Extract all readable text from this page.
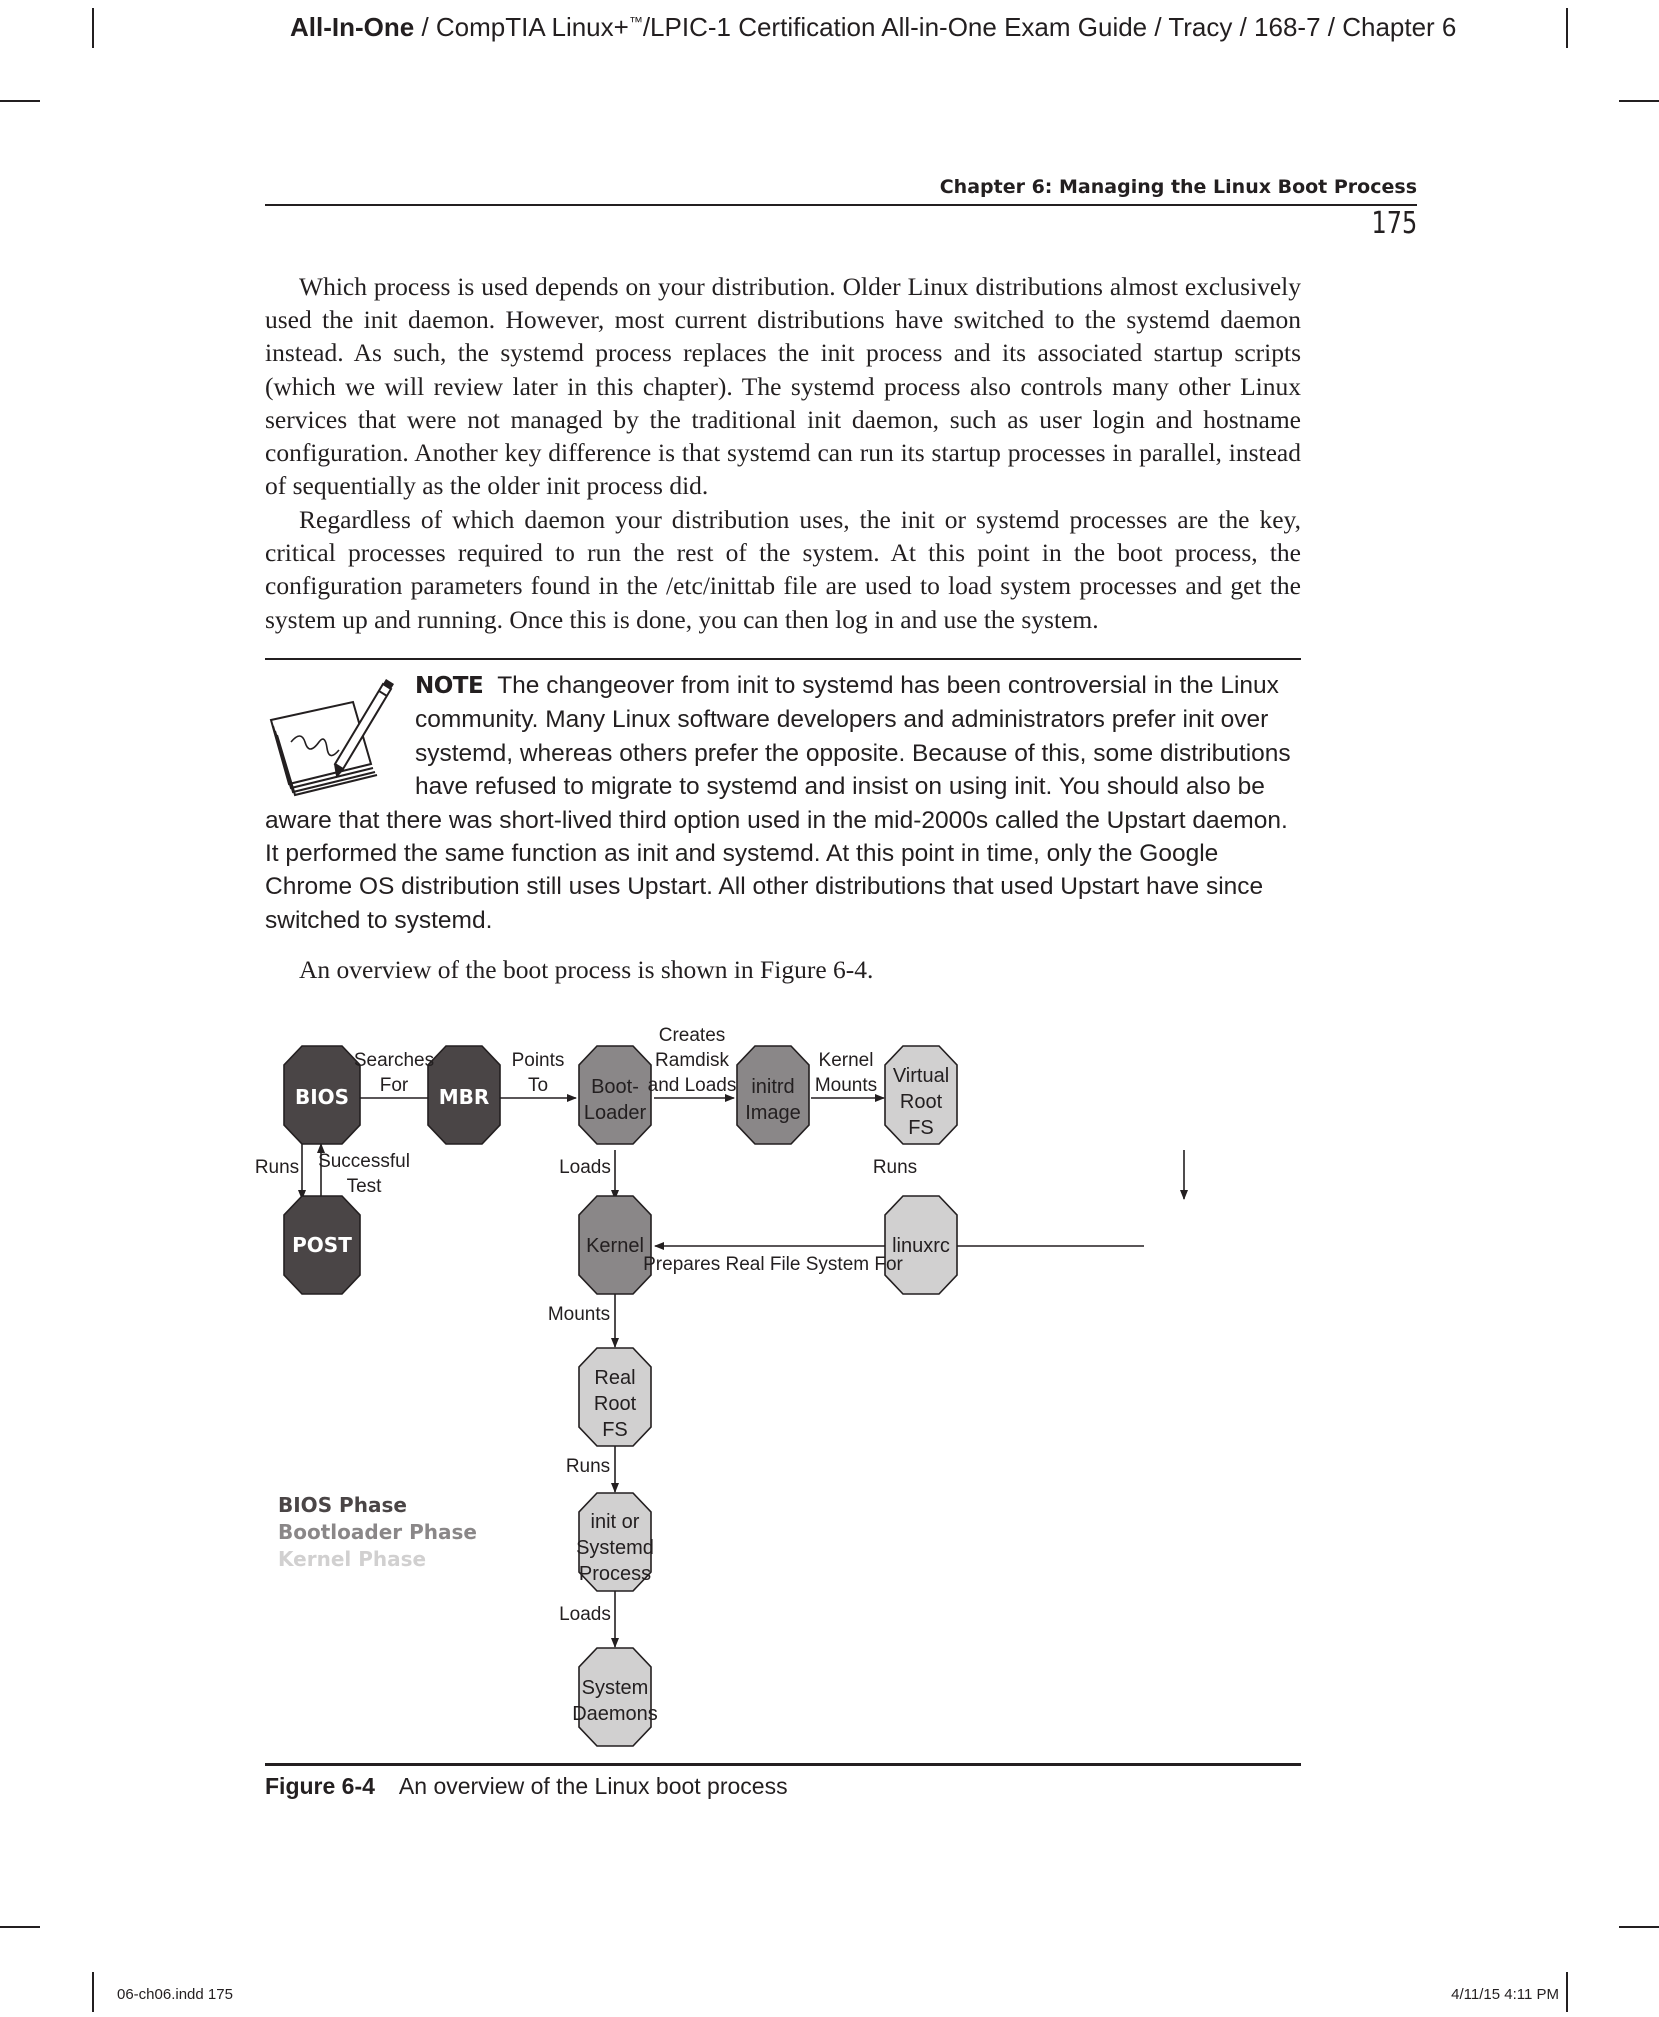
All-In-One / CompTIA Linux+™/LPIC-1 Certification All-in-One Exam Guide / Tracy / 168-7 / Chapter 6
Chapter 6: Managing the Linux Boot Process
175

Which process is used depends on your distribution. Older Linux distributions almost exclusively used the init daemon. However, most current distributions have switched to the systemd daemon instead. As such, the systemd process replaces the init process and its associated startup scripts (which we will review later in this chapter). The systemd process also controls many other Linux services that were not managed by the traditional init daemon, such as user login and hostname configuration. Another key difference is that systemd can run its startup processes in parallel, instead of sequentially as the older init process did.

Regardless of which daemon your distribution uses, the init or systemd processes are the key, critical processes required to run the rest of the system. At this point in the boot process, the configuration parameters found in the /etc/inittab file are used to load system processes and get the system up and running. Once this is done, you can then log in and use the system.

NOTE The changeover from init to systemd has been controversial in the Linux community. Many Linux software developers and administrators prefer init over systemd, whereas others prefer the opposite. Because of this, some distributions have refused to migrate to systemd and insist on using init. You should also be aware that there was short-lived third option used in the mid-2000s called the Upstart daemon. It performed the same function as init and systemd. At this point in time, only the Google Chrome OS distribution still uses Upstart. All other distributions that used Upstart have since switched to systemd.

An overview of the boot process is shown in Figure 6-4.

BIOS
POST
MBR	Boot-
Loader
initrd
Image
Virtual
Root
FS
linuxrc
Kernel
Real
Root
FS
init or
Systemd
Process
System
Daemons
Searches
For
Points
To
Creates
Ramdisk
and Loads
Kernel
Mounts
Runs Successful
Test
Loads	Runs
Prepares Real File System For
Mounts
Runs
Loads
BIOS Phase
Bootloader Phase
Kernel Phase
Figure 6-4 An overview of the Linux boot process
06-ch06.indd 175	4/11/15 4:11 PM
